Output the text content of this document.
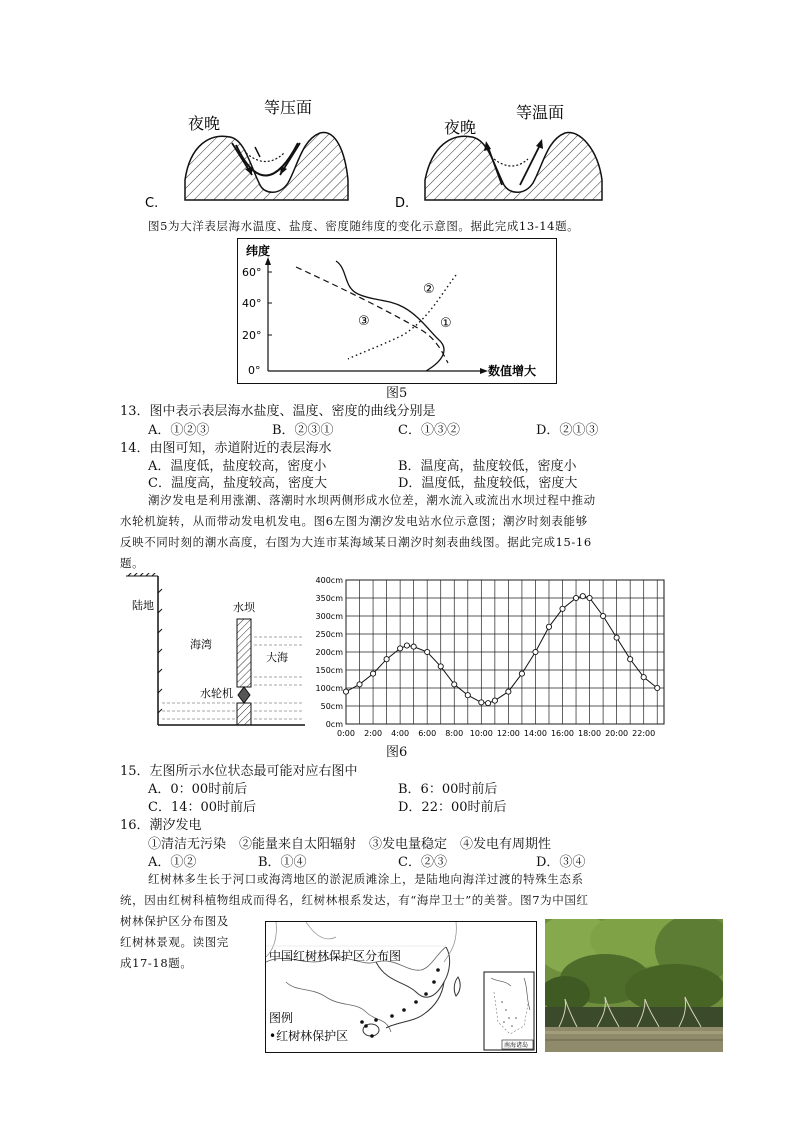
夜晚
等压面
C.
夜晚
等温面
D.
图5为大洋表层海水温度、盐度、密度随纬度的变化示意图。据此完成13-14题。
纬度
60°
40°
20°
0°	数值增大
①
②
③
图5
13．图中表示表层海水盐度、温度、密度的曲线分别是
A．①②③	B．②③①	C．①③②	D．②①③
14．由图可知，赤道附近的表层海水
A．温度低，盐度较高，密度小	B．温度高，盐度较低，密度小
C．温度高，盐度较高，密度大	D．温度低，盐度较低，密度大
潮汐发电是利用涨潮、落潮时水坝两侧形成水位差，潮水流入或流出水坝过程中推动
水轮机旋转，从而带动发电机发电。图6左图为潮汐发电站水位示意图；潮汐时刻表能够
反映不同时刻的潮水高度，右图为大连市某海域某日潮汐时刻表曲线图。据此完成15-16
题。
陆地	水坝
海湾
大海
水轮机
0cm
50cm
100cm
150cm
200cm
250cm
300cm
350cm
400cm
0:00 2:00 4:00 6:00 8:00 10:00 12:00 14:00 16:00 18:00 20:00 22:00
图6
15．左图所示水位状态最可能对应右图中
A．0：00时前后	B．6：00时前后
C．14：00时前后	D．22：00时前后
16．潮汐发电
①清洁无污染　②能量来自太阳辐射　③发电量稳定　④发电有周期性
A．①②	B．①④	C．②③	D．③④
红树林多生长于河口或海湾地区的淤泥质滩涂上，是陆地向海洋过渡的特殊生态系
统，因由红树科植物组成而得名，红树林根系发达，有“海岸卫士”的美誉。图7为中国红
树林保护区分布图及
红树林景观。读图完
成17-18题。	中国红树林保护区分布图
图例
•红树林保护区
南海诸岛
